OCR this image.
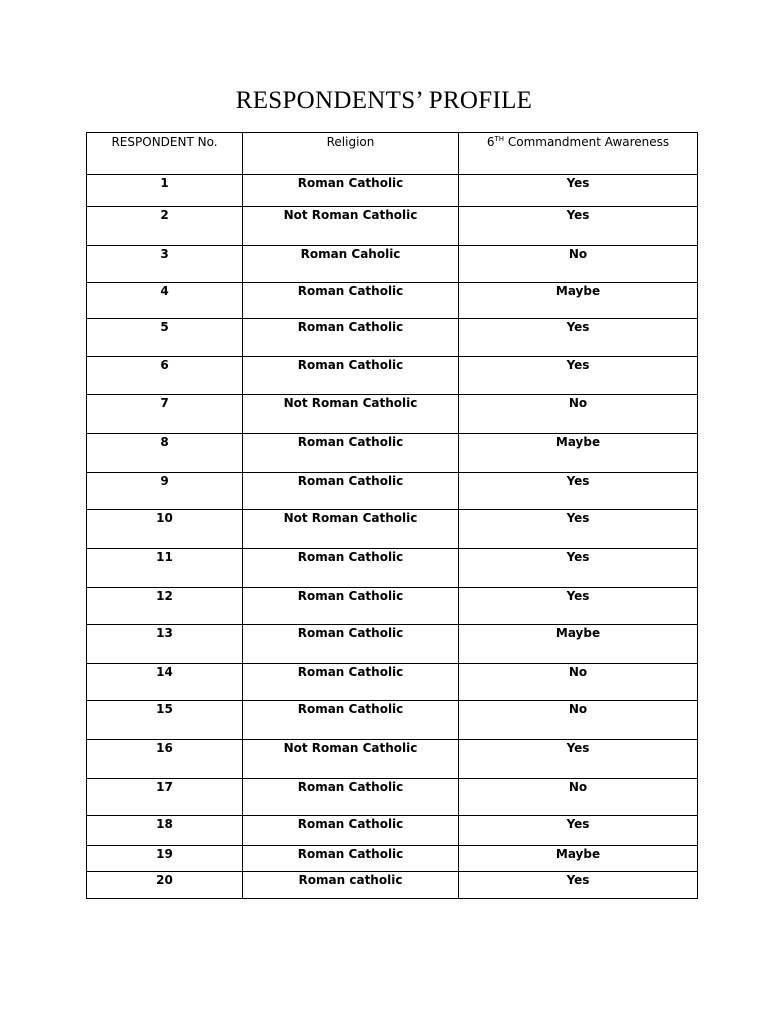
RESPONDENTS’ PROFILE
RESPONDENT No.	Religion	6TH Commandment Awareness
1	Roman Catholic	Yes
2	Not Roman Catholic	Yes
3	Roman Caholic	No
4	Roman Catholic	Maybe
5	Roman Catholic	Yes
6	Roman Catholic	Yes
7	Not Roman Catholic	No
8	Roman Catholic	Maybe
9	Roman Catholic	Yes
10	Not Roman Catholic	Yes
11	Roman Catholic	Yes
12	Roman Catholic	Yes
13	Roman Catholic	Maybe
14	Roman Catholic	No
15	Roman Catholic	No
16	Not Roman Catholic	Yes
17	Roman Catholic	No
18	Roman Catholic	Yes
19	Roman Catholic	Maybe
20	Roman catholic	Yes
